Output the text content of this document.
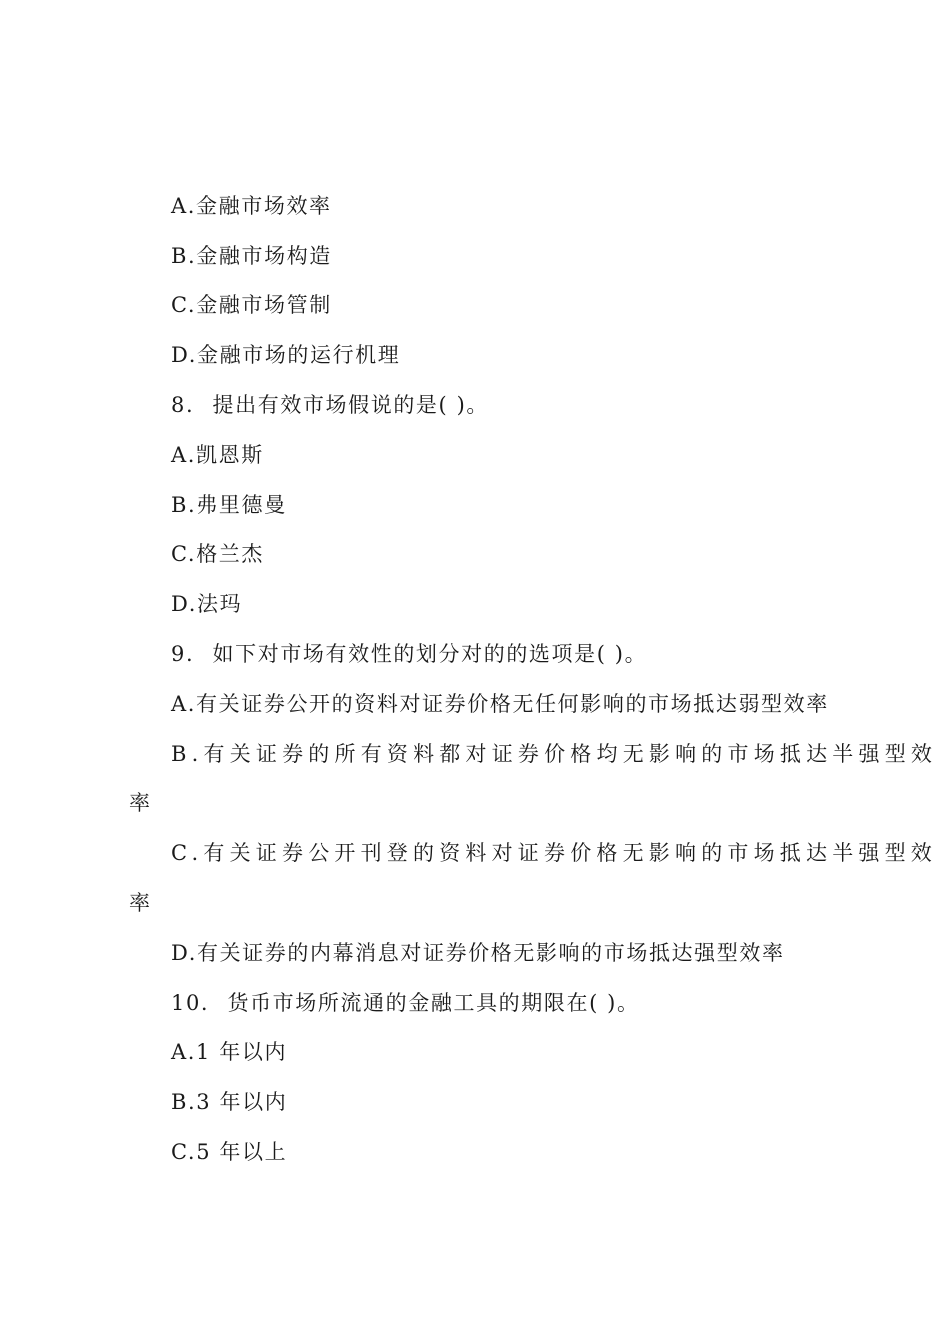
A.金融市场效率
B.金融市场构造
C.金融市场管制
D.金融市场的运行机理
8. 提出有效市场假说的是( )。
A.凯恩斯
B.弗里德曼
C.格兰杰
D.法玛
9. 如下对市场有效性的划分对的的选项是( )。
A.有关证券公开的资料对证券价格无任何影响的市场抵达弱型效率
B.有关证券的所有资料都对证券价格均无影响的市场抵达半强型效
率
C.有关证券公开刊登的资料对证券价格无影响的市场抵达半强型效
率
D.有关证券的内幕消息对证券价格无影响的市场抵达强型效率
10. 货币市场所流通的金融工具的期限在( )。
A.1 年以内
B.3 年以内
C.5 年以上
